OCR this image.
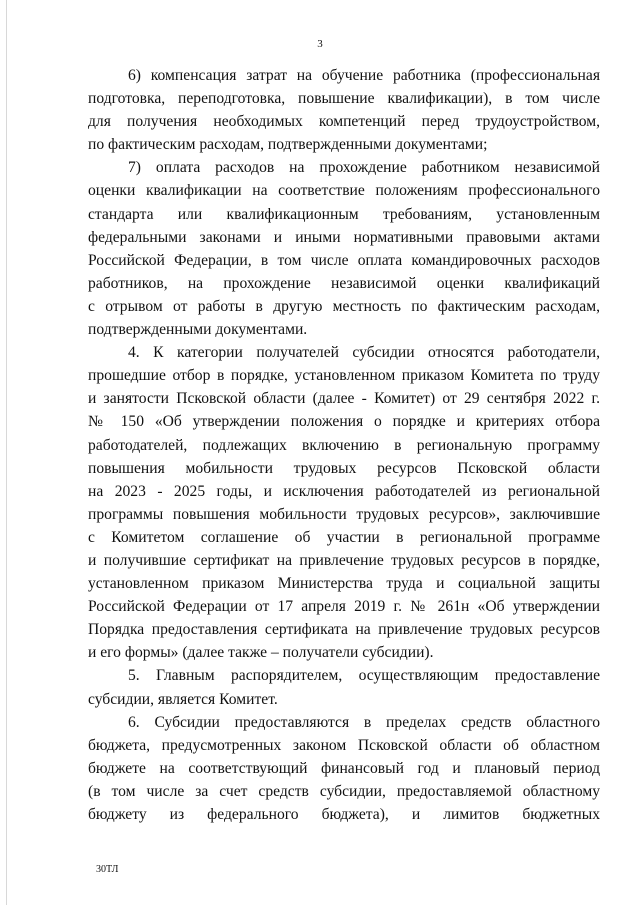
3
6) компенсация затрат на обучение работника (профессиональная
подготовка, переподготовка, повышение квалификации), в том числе
для получения необходимых компетенций перед трудоустройством,
по фактическим расходам, подтвержденными документами;
7) оплата расходов на прохождение работником независимой
оценки квалификации на соответствие положениям профессионального
стандарта или квалификационным требованиям, установленным
федеральными законами и иными нормативными правовыми актами
Российской Федерации, в том числе оплата командировочных расходов
работников, на прохождение независимой оценки квалификаций
с отрывом от работы в другую местность по фактическим расходам,
подтвержденными документами.
4. К категории получателей субсидии относятся работодатели,
прошедшие отбор в порядке, установленном приказом Комитета по труду
и занятости Псковской области (далее - Комитет) от 29 сентября 2022 г.
№ 150 «Об утверждении положения о порядке и критериях отбора
работодателей, подлежащих включению в региональную программу
повышения мобильности трудовых ресурсов Псковской области
на 2023 - 2025 годы, и исключения работодателей из региональной
программы повышения мобильности трудовых ресурсов», заключившие
с Комитетом соглашение об участии в региональной программе
и получившие сертификат на привлечение трудовых ресурсов в порядке,
установленном приказом Министерства труда и социальной защиты
Российской Федерации от 17 апреля 2019 г. № 261н «Об утверждении
Порядка предоставления сертификата на привлечение трудовых ресурсов
и его формы» (далее также – получатели субсидии).
5. Главным распорядителем, осуществляющим предоставление
субсидии, является Комитет.
6. Субсидии предоставляются в пределах средств областного
бюджета, предусмотренных законом Псковской области об областном
бюджете на соответствующий финансовый год и плановый период
(в том числе за счет средств субсидии, предоставляемой областному
бюджету из федерального бюджета), и лимитов бюджетных
30ТЛ
